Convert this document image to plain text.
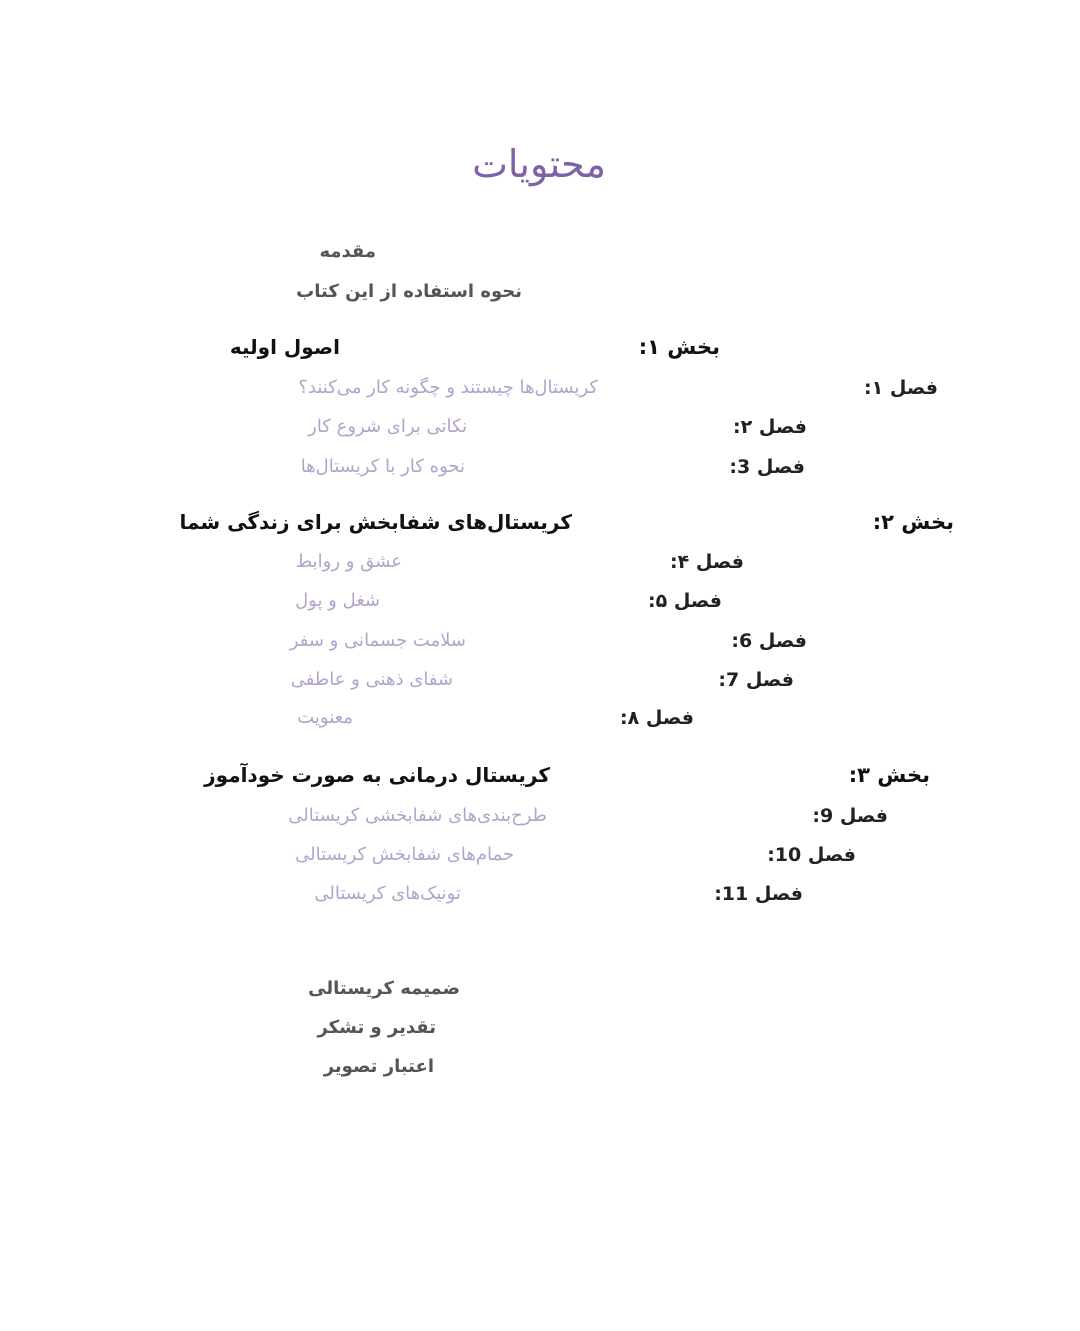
محتویات
مقدمه
نحوه استفاده از این کتاب
بخش ۱:
اصول اولیه
فصل ۱:
کریستال‌ها چیستند و چگونه کار می‌کنند؟
فصل ۲:
نکاتی برای شروع کار
فصل 3:
نحوه کار با کریستال‌ها
بخش ۲:
کریستال‌های شفابخش برای زندگی شما
فصل ۴:
عشق و روابط
فصل ۵:
شغل و پول
فصل 6:
سلامت جسمانی و سفر
فصل 7:
شفای ذهنی و عاطفی
فصل ۸:
معنویت
بخش ۳:
کریستال درمانی به صورت خودآموز
فصل 9:
طرح‌بندی‌های شفابخشی کریستالی
فصل 10:
حمام‌های شفابخش کریستالی
فصل 11:
تونیک‌های کریستالی
ضمیمه کریستالی
تقدیر و تشکر
اعتبار تصویر
